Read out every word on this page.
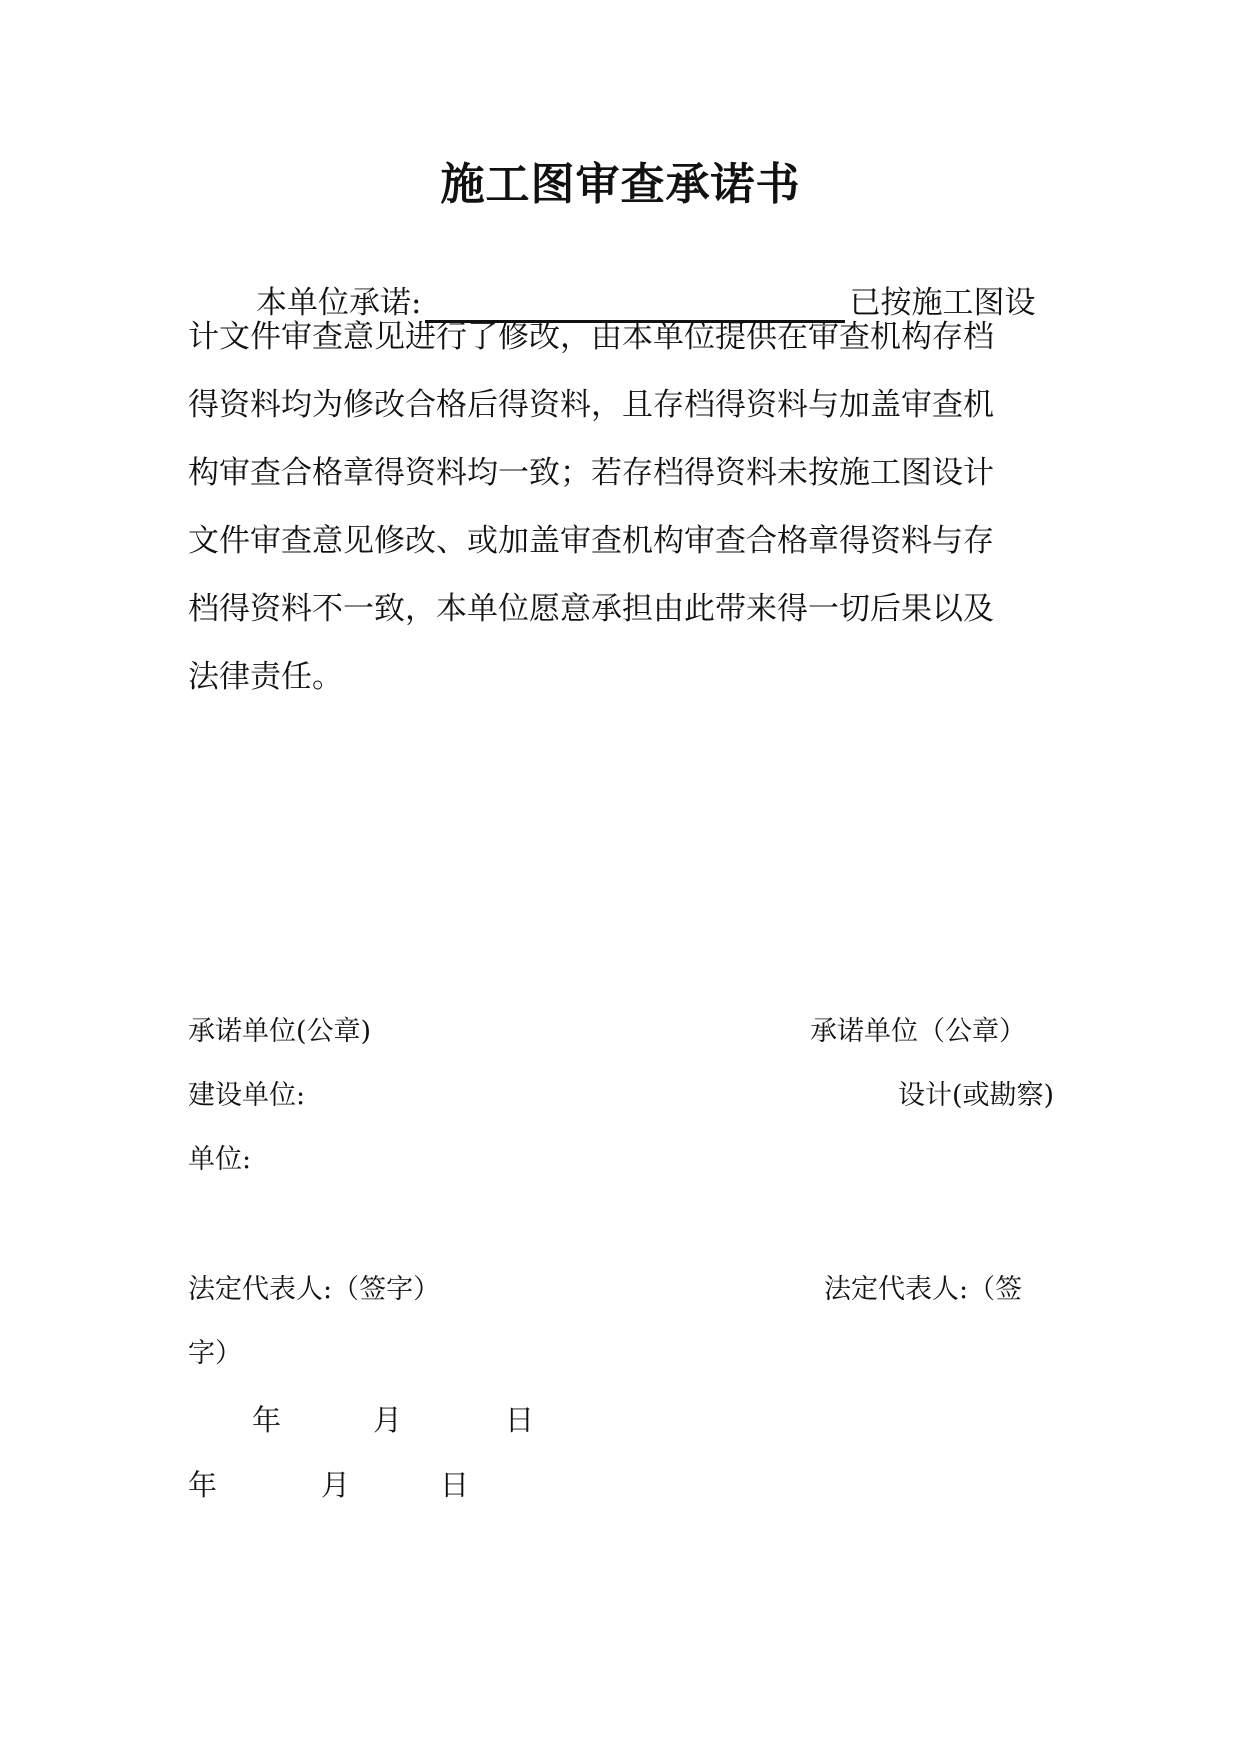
施工图审查承诺书
本单位承诺:	已按施工图设
计文件审查意见进行了修改，由本单位提供在审查机构存档
得资料均为修改合格后得资料，且存档得资料与加盖审查机
构审查合格章得资料均一致；若存档得资料未按施工图设计
文件审查意见修改、或加盖审查机构审查合格章得资料与存
档得资料不一致，本单位愿意承担由此带来得一切后果以及
法律责任。
承诺单位(公章)	承诺单位（公章）
建设单位:	设计(或勘察)
单位:
法定代表人:（签字）	法定代表人:（签
字）
年	月	日
年	月	日
